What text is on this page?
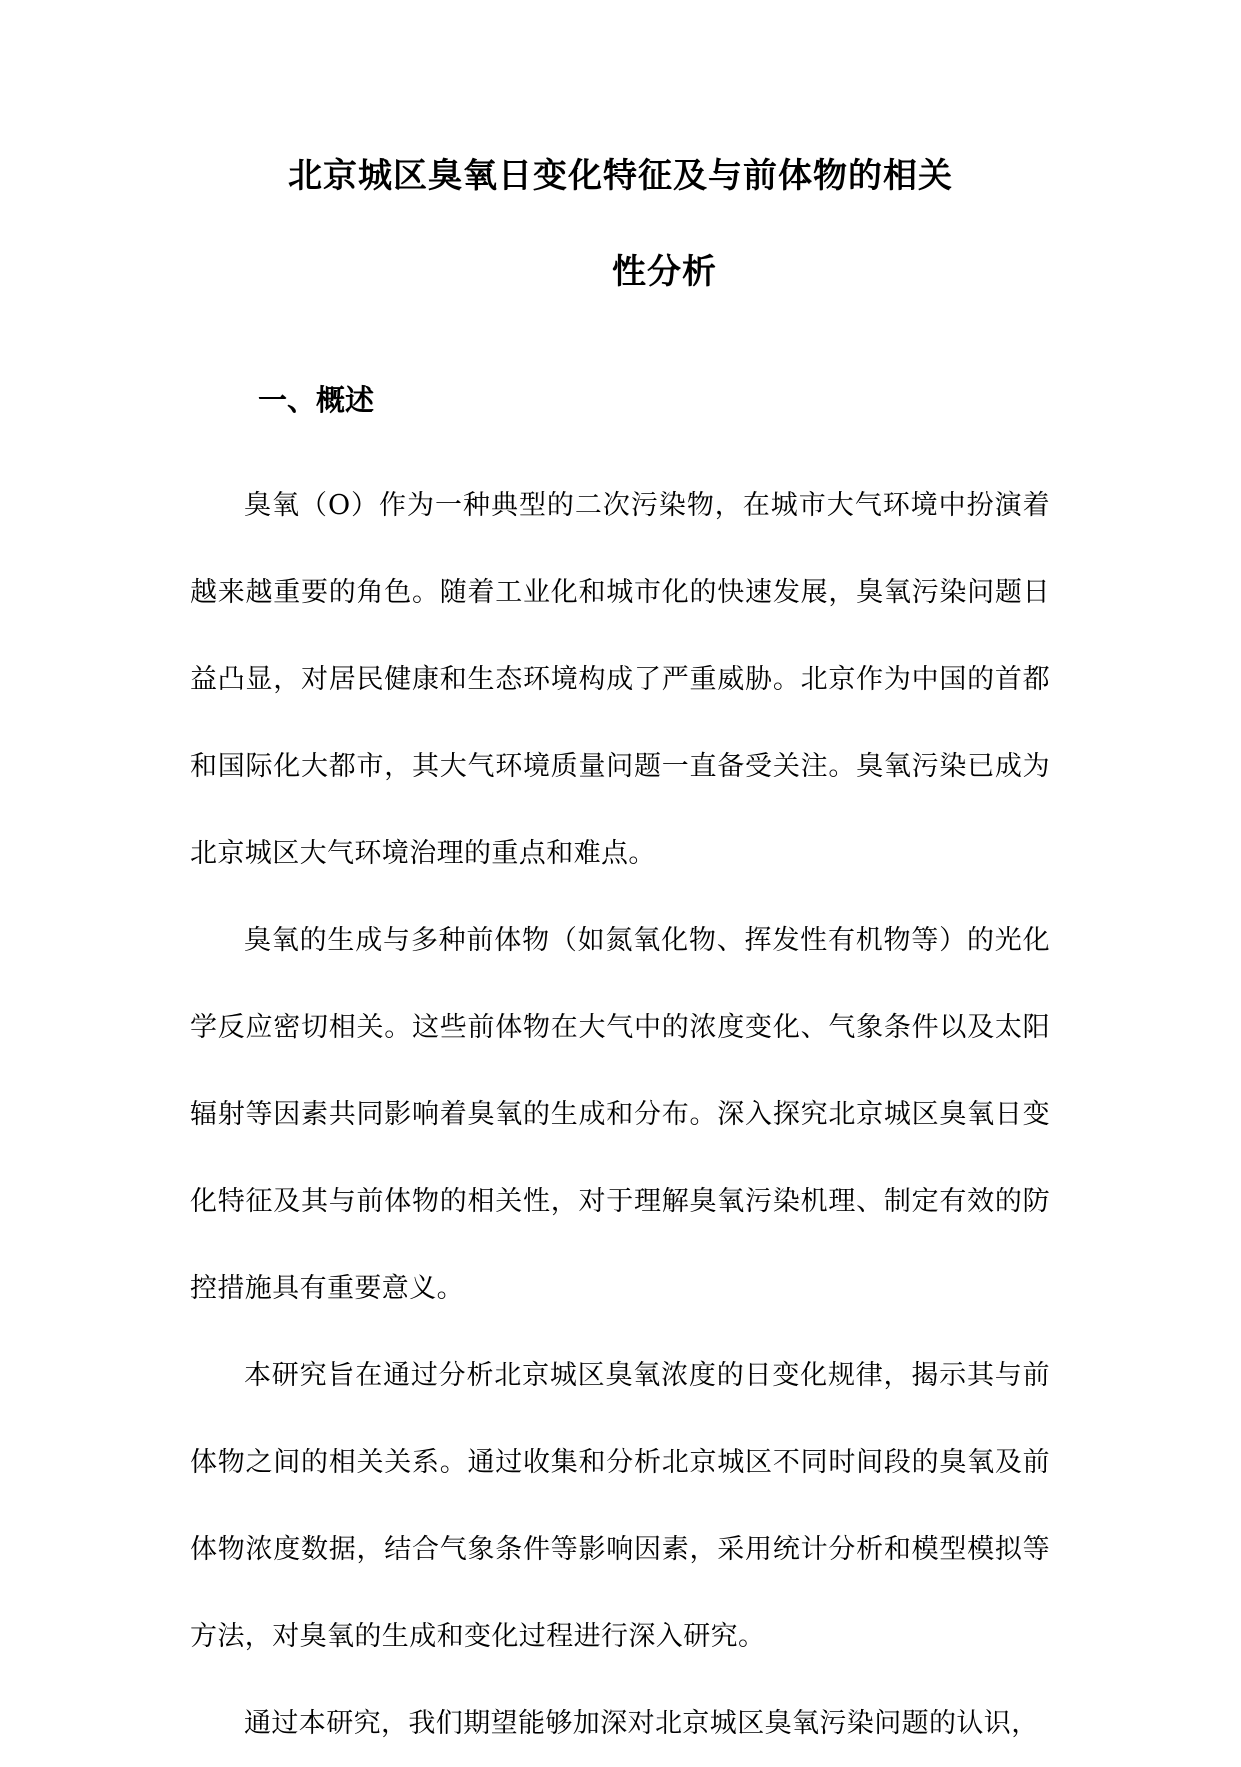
北京城区臭氧日变化特征及与前体物的相关
性分析
一、概述

臭氧（O）作为一种典型的二次污染物，在城市大气环境中扮演着越来越重要的角色。随着工业化和城市化的快速发展，臭氧污染问题日益凸显，对居民健康和生态环境构成了严重威胁。北京作为中国的首都和国际化大都市，其大气环境质量问题一直备受关注。臭氧污染已成为北京城区大气环境治理的重点和难点。

臭氧的生成与多种前体物（如氮氧化物、挥发性有机物等）的光化学反应密切相关。这些前体物在大气中的浓度变化、气象条件以及太阳辐射等因素共同影响着臭氧的生成和分布。深入探究北京城区臭氧日变化特征及其与前体物的相关性，对于理解臭氧污染机理、制定有效的防控措施具有重要意义。

本研究旨在通过分析北京城区臭氧浓度的日变化规律，揭示其与前体物之间的相关关系。通过收集和分析北京城区不同时间段的臭氧及前体物浓度数据，结合气象条件等影响因素，采用统计分析和模型模拟等方法，对臭氧的生成和变化过程进行深入研究。

通过本研究，我们期望能够加深对北京城区臭氧污染问题的认识，
